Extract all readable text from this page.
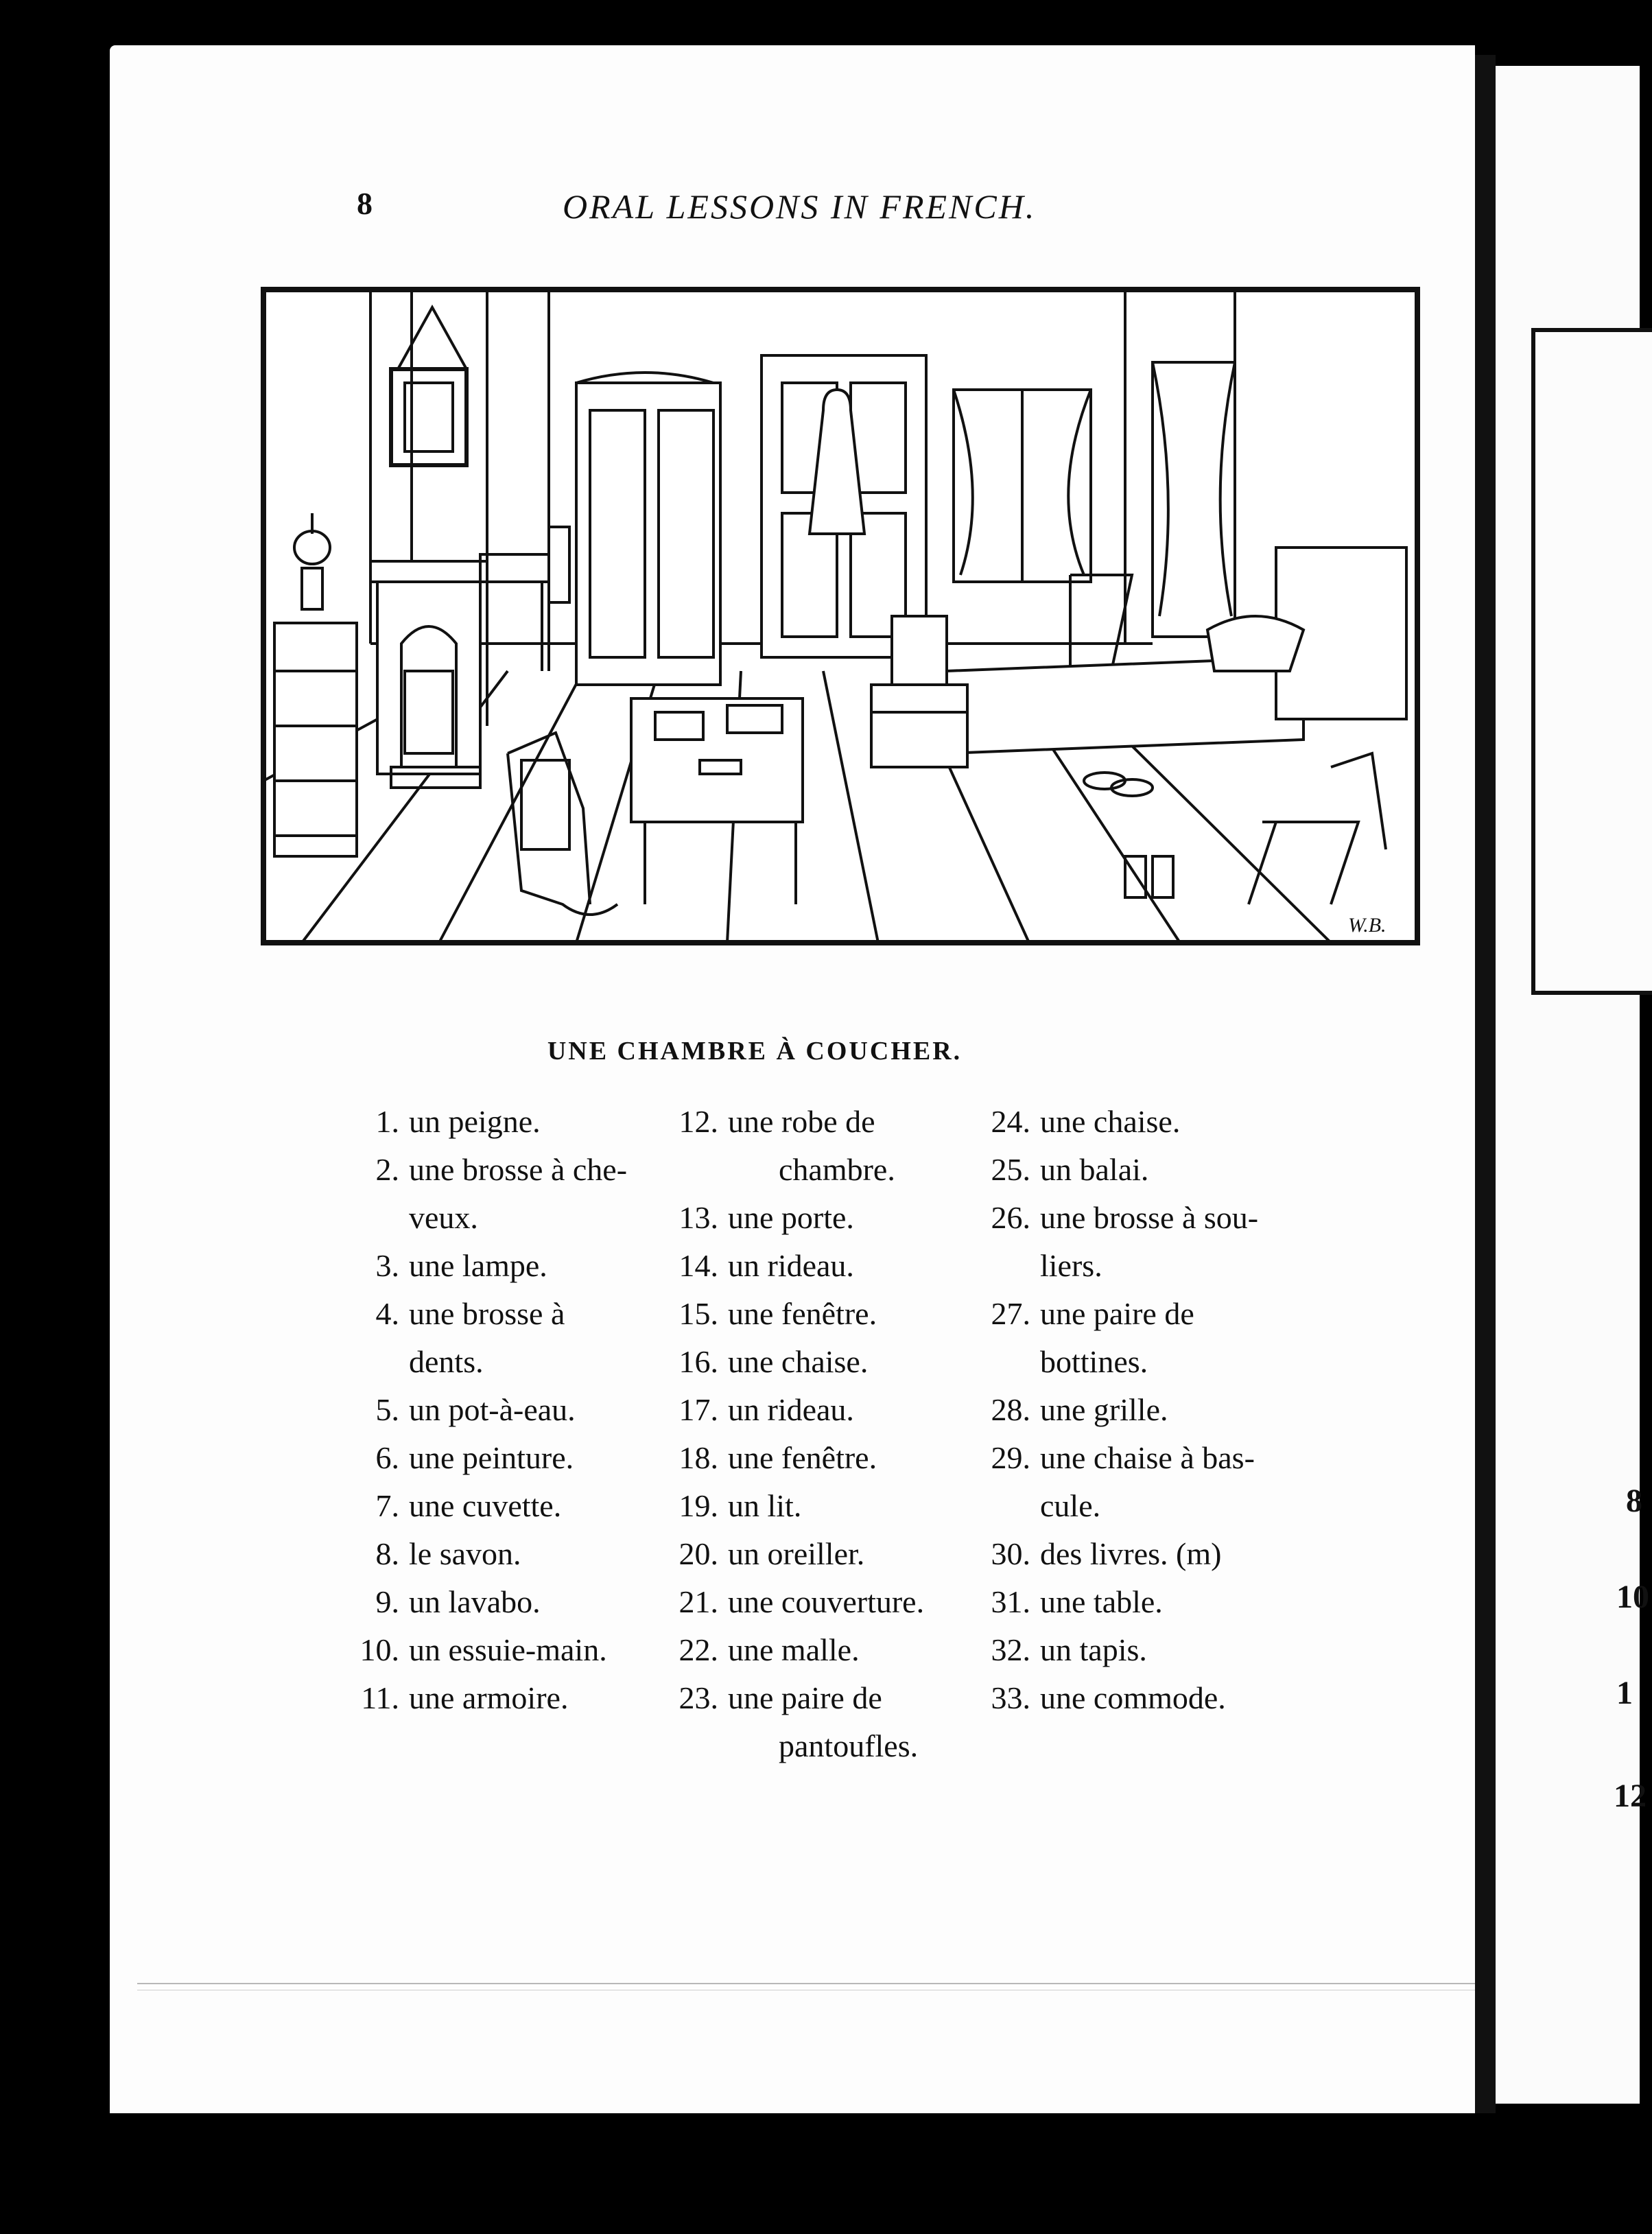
8	ORAL LESSONS IN FRENCH.
W.B.
UNE CHAMBRE À COUCHER.
1. un peigne.
2. une brosse à che-
veux.
3. une lampe.
4. une brosse à
dents.
5. un pot-à-eau.
6. une peinture.
7. une cuvette.
8. le savon.
9. un lavabo.
10. un essuie-main.
11. une armoire.
12. une robe de
chambre.
13. une porte.
14. un rideau.
15. une fenêtre.
16. une chaise.
17. un rideau.
18. une fenêtre.
19. un lit.
20. un oreiller.
21. une couverture.
22. une malle.
23. une paire de
pantoufles.
24. une chaise.
25. un balai.
26. une brosse à sou-
liers.
27. une paire de
bottines.
28. une grille.
29. une chaise à bas-
cule.
30. des livres. (m)
31. une table.
32. un tapis.
33. une commode.
8
10
1
12
